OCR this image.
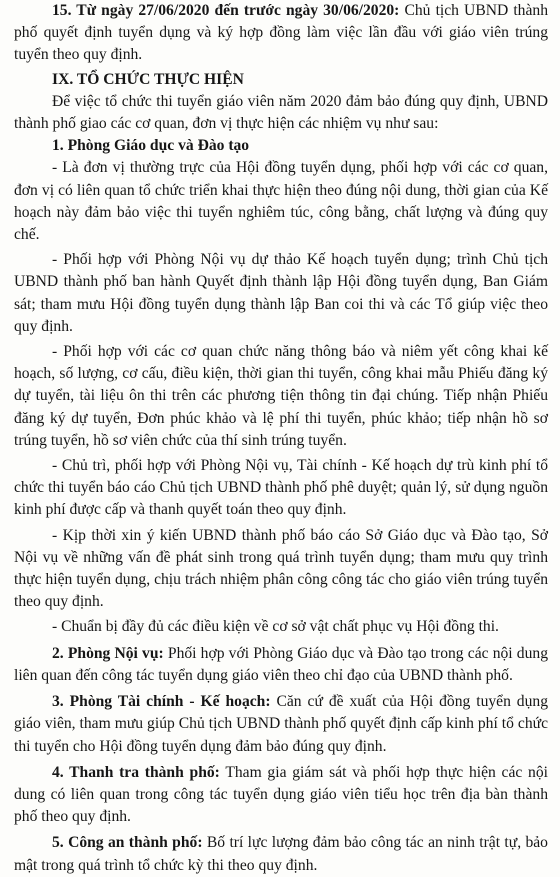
15. Từ ngày 27/06/2020 đến trước ngày 30/06/2020: Chủ tịch UBND thành phố quyết định tuyển dụng và ký hợp đồng làm việc lần đầu với giáo viên trúng tuyển theo quy định.

IX. TỔ CHỨC THỰC HIỆN

Để việc tổ chức thi tuyển giáo viên năm 2020 đảm bảo đúng quy định, UBND thành phố giao các cơ quan, đơn vị thực hiện các nhiệm vụ như sau:

1. Phòng Giáo dục và Đào tạo

- Là đơn vị thường trực của Hội đồng tuyển dụng, phối hợp với các cơ quan, đơn vị có liên quan tổ chức triển khai thực hiện theo đúng nội dung, thời gian của Kế hoạch này đảm bảo việc thi tuyển nghiêm túc, công bằng, chất lượng và đúng quy chế.

- Phối hợp với Phòng Nội vụ dự thảo Kế hoạch tuyển dụng; trình Chủ tịch UBND thành phố ban hành Quyết định thành lập Hội đồng tuyển dụng, Ban Giám sát; tham mưu Hội đồng tuyển dụng thành lập Ban coi thi và các Tổ giúp việc theo quy định.

- Phối hợp với các cơ quan chức năng thông báo và niêm yết công khai kế hoạch, số lượng, cơ cấu, điều kiện, thời gian thi tuyển, công khai mẫu Phiếu đăng ký dự tuyển, tài liệu ôn thi trên các phương tiện thông tin đại chúng. Tiếp nhận Phiếu đăng ký dự tuyển, Đơn phúc khảo và lệ phí thi tuyển, phúc khảo; tiếp nhận hồ sơ trúng tuyển, hồ sơ viên chức của thí sinh trúng tuyển.

- Chủ trì, phối hợp với Phòng Nội vụ, Tài chính - Kế hoạch dự trù kinh phí tổ chức thi tuyển báo cáo Chủ tịch UBND thành phố phê duyệt; quản lý, sử dụng nguồn kinh phí được cấp và thanh quyết toán theo quy định.

- Kịp thời xin ý kiến UBND thành phố báo cáo Sở Giáo dục và Đào tạo, Sở Nội vụ về những vấn đề phát sinh trong quá trình tuyển dụng; tham mưu quy trình thực hiện tuyển dụng, chịu trách nhiệm phân công công tác cho giáo viên trúng tuyển theo quy định.

- Chuẩn bị đầy đủ các điều kiện về cơ sở vật chất phục vụ Hội đồng thi.

2. Phòng Nội vụ: Phối hợp với Phòng Giáo dục và Đào tạo trong các nội dung liên quan đến công tác tuyển dụng giáo viên theo chỉ đạo của UBND thành phố.

3. Phòng Tài chính - Kế hoạch: Căn cứ đề xuất của Hội đồng tuyển dụng giáo viên, tham mưu giúp Chủ tịch UBND thành phố quyết định cấp kinh phí tổ chức thi tuyển cho Hội đồng tuyển dụng đảm bảo đúng quy định.

4. Thanh tra thành phố: Tham gia giám sát và phối hợp thực hiện các nội dung có liên quan trong công tác tuyển dụng giáo viên tiểu học trên địa bàn thành phố theo quy định.

5. Công an thành phố: Bố trí lực lượng đảm bảo công tác an ninh trật tự, bảo mật trong quá trình tổ chức kỳ thi theo quy định.
